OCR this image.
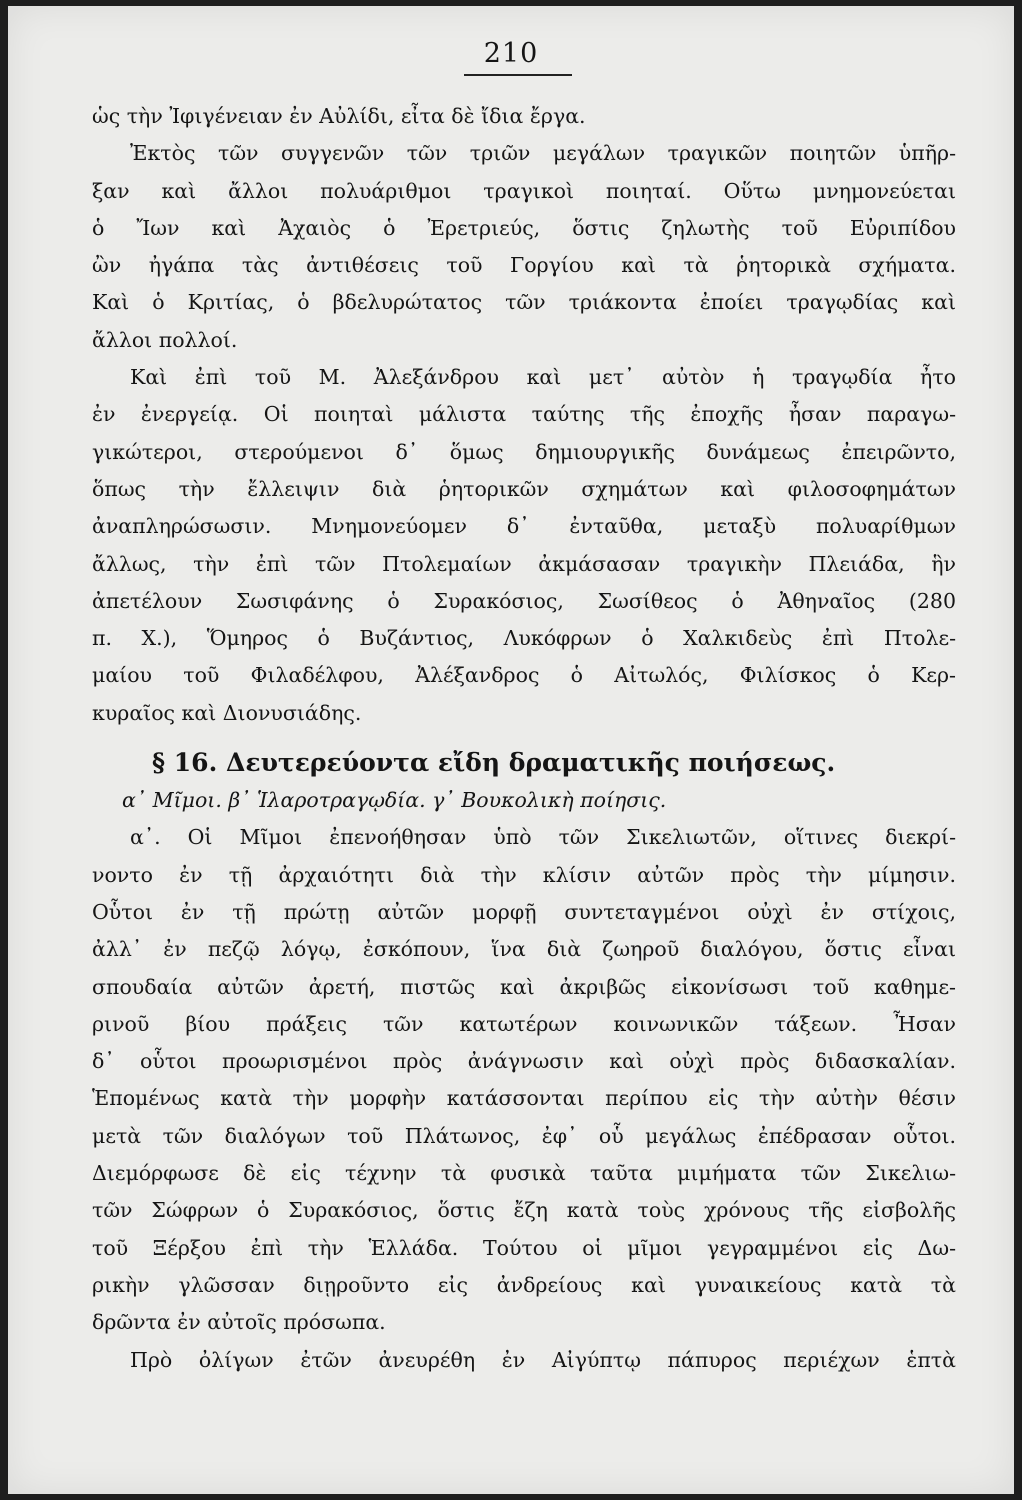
210
ὡς τὴν Ἰφιγένειαν ἐν Αὐλίδι, εἶτα δὲ ἴδια ἔργα.
Ἐκτὸς τῶν συγγενῶν τῶν τριῶν μεγάλων τραγικῶν ποιητῶν ὑπῆρ-
ξαν καὶ ἄλλοι πολυάριθμοι τραγικοὶ ποιηταί. Οὕτω μνημονεύεται
ὁ Ἴων καὶ Ἀχαιὸς ὁ Ἐρετριεύς, ὅστις ζηλωτὴς τοῦ Εὐριπίδου
ὢν ἠγάπα τὰς ἀντιθέσεις τοῦ Γοργίου καὶ τὰ ῥητορικὰ σχήματα.
Καὶ ὁ Κριτίας, ὁ βδελυρώτατος τῶν τριάκοντα ἐποίει τραγῳδίας καὶ
ἄλλοι πολλοί.
Καὶ ἐπὶ τοῦ Μ. Ἀλεξάνδρου καὶ μετ᾽ αὐτὸν ἡ τραγῳδία ἦτο
ἐν ἐνεργείᾳ. Οἱ ποιηταὶ μάλιστα ταύτης τῆς ἐποχῆς ἦσαν παραγω-
γικώτεροι, στερούμενοι δ᾽ ὅμως δημιουργικῆς δυνάμεως ἐπειρῶντο,
ὅπως τὴν ἔλλειψιν διὰ ῥητορικῶν σχημάτων καὶ φιλοσοφημάτων
ἀναπληρώσωσιν. Μνημονεύομεν δ᾽ ἐνταῦθα, μεταξὺ πολυαρίθμων
ἄλλως, τὴν ἐπὶ τῶν Πτολεμαίων ἀκμάσασαν τραγικὴν Πλειάδα, ἣν
ἀπετέλουν Σωσιφάνης ὁ Συρακόσιος, Σωσίθεος ὁ Ἀθηναῖος (280
π. Χ.), Ὅμηρος ὁ Βυζάντιος, Λυκόφρων ὁ Χαλκιδεὺς ἐπὶ Πτολε-
μαίου τοῦ Φιλαδέλφου, Ἀλέξανδρος ὁ Αἰτωλός, Φιλίσκος ὁ Κερ-
κυραῖος καὶ Διονυσιάδης.
§ 16. Δευτερεύοντα εἴδη δραματικῆς ποιήσεως.
α᾽ Μῖμοι. β᾽ Ἱλαροτραγῳδία. γ᾽ Βουκολικὴ ποίησις.
α᾽. Οἱ Μῖμοι ἐπενοήθησαν ὑπὸ τῶν Σικελιωτῶν, οἵτινες διεκρί-
νοντο ἐν τῇ ἀρχαιότητι διὰ τὴν κλίσιν αὐτῶν πρὸς τὴν μίμησιν.
Οὗτοι ἐν τῇ πρώτῃ αὐτῶν μορφῇ συντεταγμένοι οὐχὶ ἐν στίχοις,
ἀλλ᾽ ἐν πεζῷ λόγῳ, ἐσκόπουν, ἵνα διὰ ζωηροῦ διαλόγου, ὅστις εἶναι
σπουδαία αὐτῶν ἀρετή, πιστῶς καὶ ἀκριβῶς εἰκονίσωσι τοῦ καθημε-
ρινοῦ βίου πράξεις τῶν κατωτέρων κοινωνικῶν τάξεων. Ἦσαν
δ᾽ οὗτοι προωρισμένοι πρὸς ἀνάγνωσιν καὶ οὐχὶ πρὸς διδασκαλίαν.
Ἑπομένως κατὰ τὴν μορφὴν κατάσσονται περίπου εἰς τὴν αὐτὴν θέσιν
μετὰ τῶν διαλόγων τοῦ Πλάτωνος, ἐφ᾽ οὗ μεγάλως ἐπέδρασαν οὗτοι.
Διεμόρφωσε δὲ εἰς τέχνην τὰ φυσικὰ ταῦτα μιμήματα τῶν Σικελιω-
τῶν Σώφρων ὁ Συρακόσιος, ὅστις ἔζη κατὰ τοὺς χρόνους τῆς εἰσβολῆς
τοῦ Ξέρξου ἐπὶ τὴν Ἑλλάδα. Τούτου οἱ μῖμοι γεγραμμένοι εἰς Δω-
ρικὴν γλῶσσαν διῃροῦντο εἰς ἀνδρείους καὶ γυναικείους κατὰ τὰ
δρῶντα ἐν αὐτοῖς πρόσωπα.
Πρὸ ὀλίγων ἐτῶν ἀνευρέθη ἐν Αἰγύπτῳ πάπυρος περιέχων ἑπτὰ
